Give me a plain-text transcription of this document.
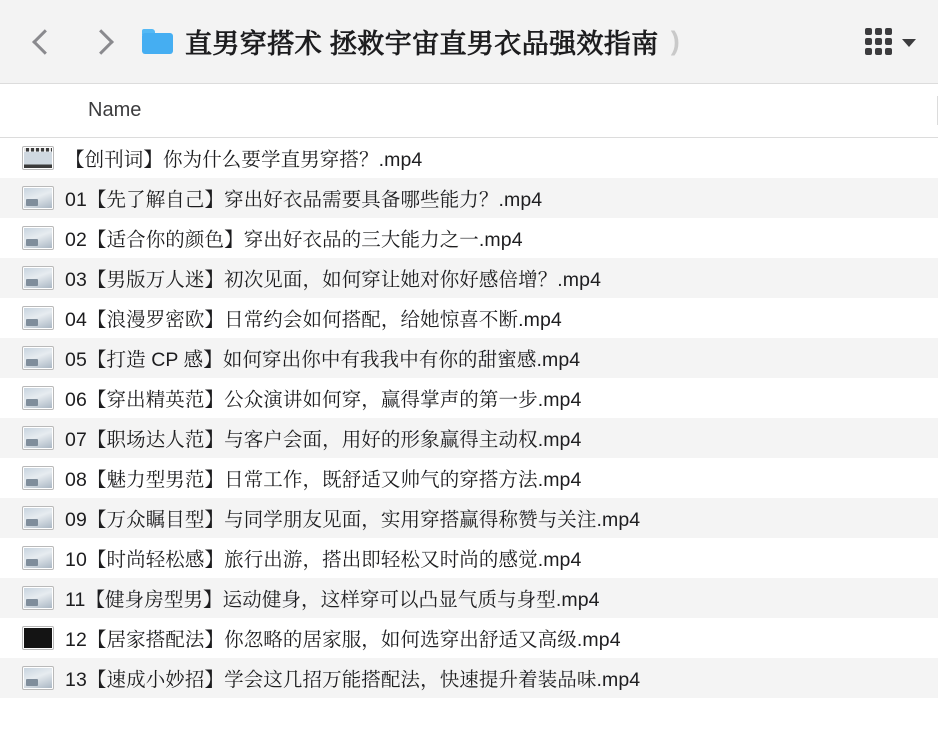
直男穿搭术 拯救宇宙直男衣品强效指南 )
Name
【创刊词】你为什么要学直男穿搭？.mp4
01【先了解自己】穿出好衣品需要具备哪些能力？.mp4
02【适合你的颜色】穿出好衣品的三大能力之一.mp4
03【男版万人迷】初次见面，如何穿让她对你好感倍增？.mp4
04【浪漫罗密欧】日常约会如何搭配，给她惊喜不断.mp4
05【打造 CP 感】如何穿出你中有我我中有你的甜蜜感.mp4
06【穿出精英范】公众演讲如何穿，赢得掌声的第一步.mp4
07【职场达人范】与客户会面，用好的形象赢得主动权.mp4
08【魅力型男范】日常工作，既舒适又帅气的穿搭方法.mp4
09【万众瞩目型】与同学朋友见面，实用穿搭赢得称赞与关注.mp4
10【时尚轻松感】旅行出游，搭出即轻松又时尚的感觉.mp4
11【健身房型男】运动健身，这样穿可以凸显气质与身型.mp4
12【居家搭配法】你忽略的居家服，如何选穿出舒适又高级.mp4
13【速成小妙招】学会这几招万能搭配法，快速提升着装品味.mp4
